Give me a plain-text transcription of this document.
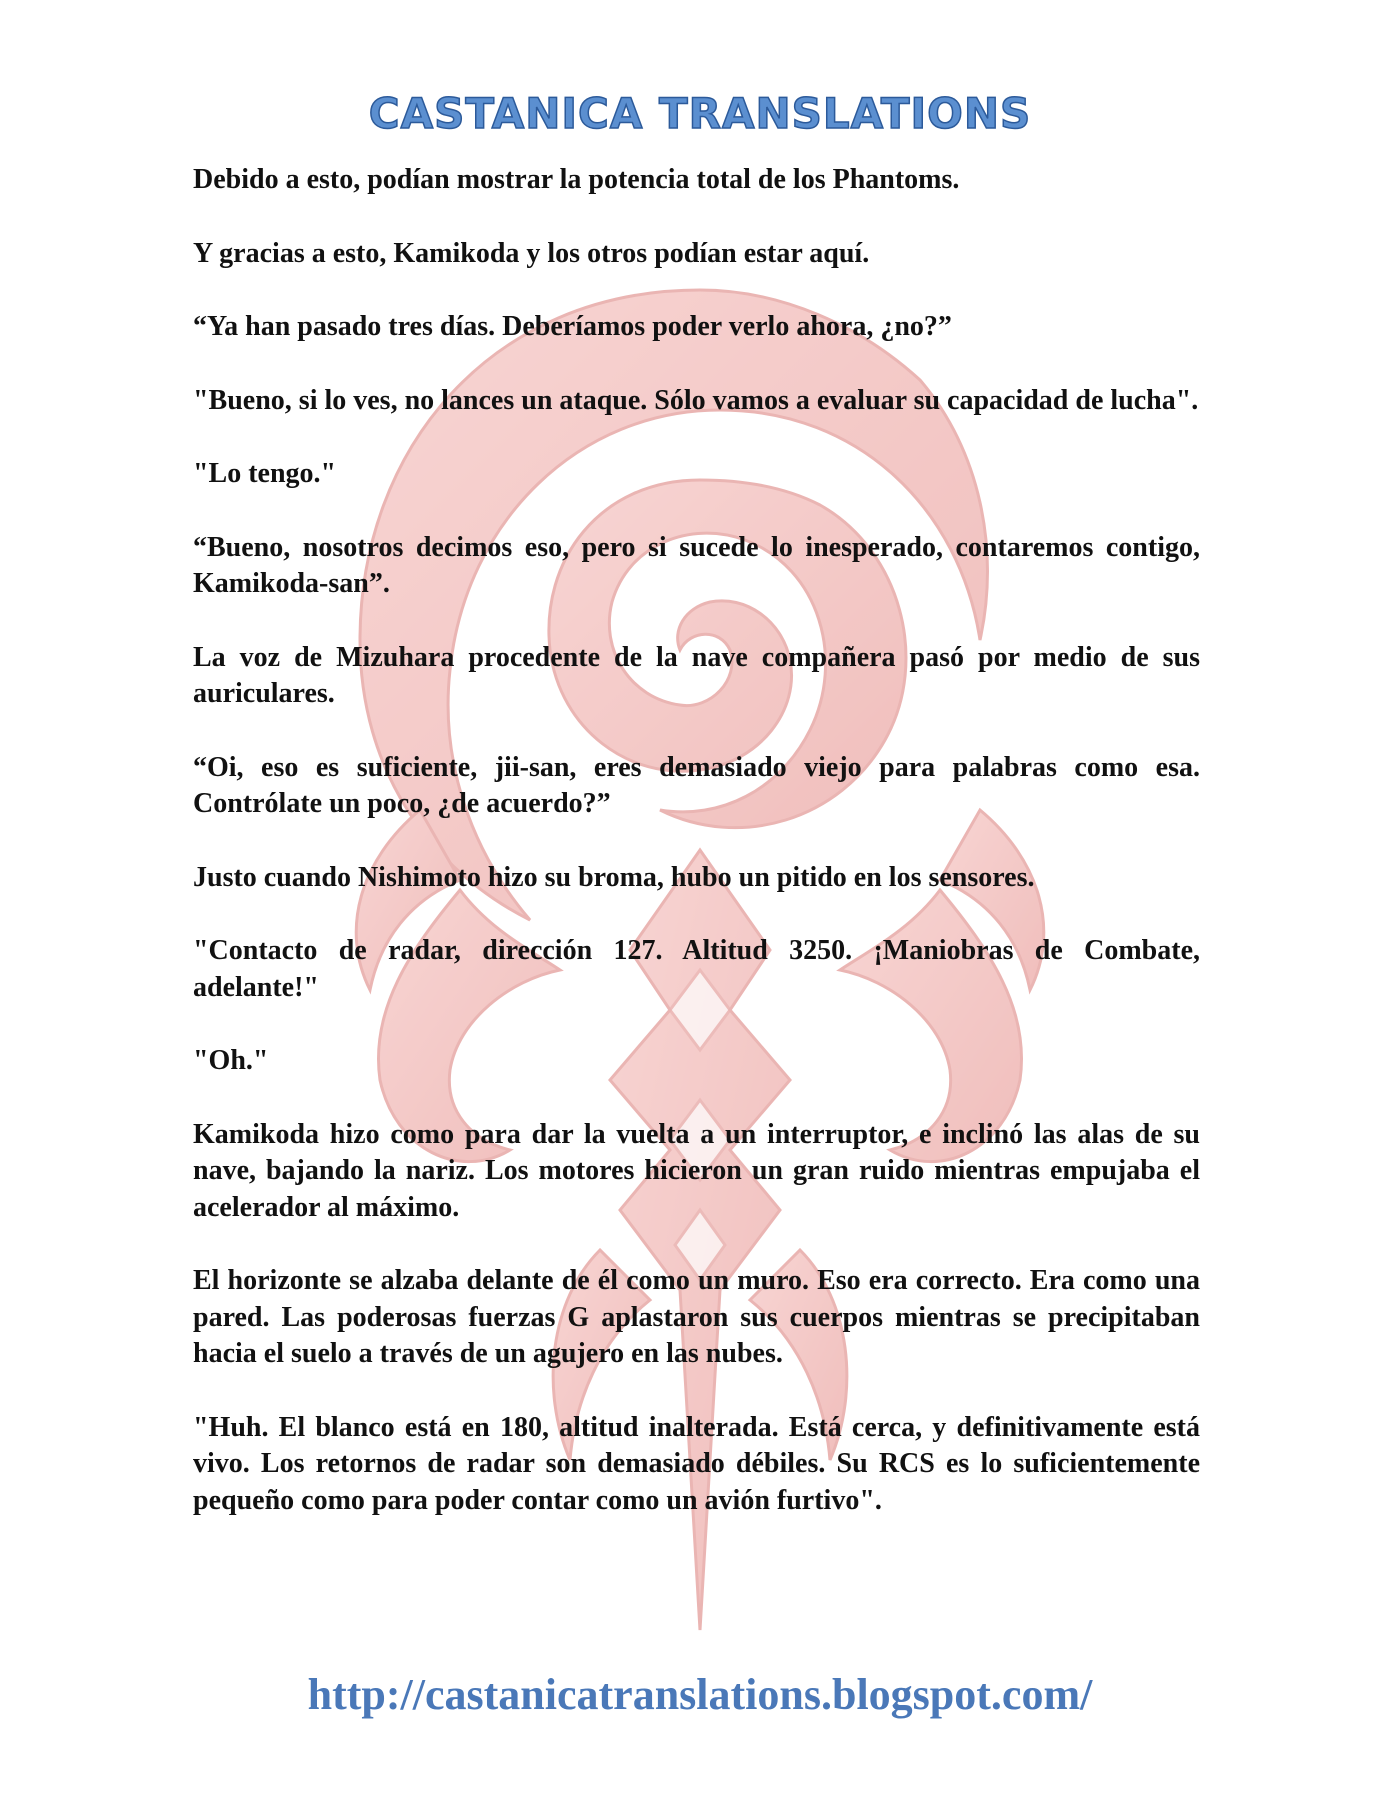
CASTANICA TRANSLATIONS

Debido a esto, podían mostrar la potencia total de los Phantoms.

Y gracias a esto, Kamikoda y los otros podían estar aquí.

“Ya han pasado tres días. Deberíamos poder verlo ahora, ¿no?”

"Bueno, si lo ves, no lances un ataque. Sólo vamos a evaluar su capacidad de lucha".

"Lo tengo."

“Bueno, nosotros decimos eso, pero si sucede lo inesperado, contaremos contigo, Kamikoda-san”.

La voz de Mizuhara procedente de la nave compañera pasó por medio de sus auriculares.

“Oi, eso es suficiente, jii-san, eres demasiado viejo para palabras como esa. Contrólate un poco, ¿de acuerdo?”

Justo cuando Nishimoto hizo su broma, hubo un pitido en los sensores.

"Contacto de radar, dirección 127. Altitud 3250. ¡Maniobras de Combate, adelante!"

"Oh."

Kamikoda hizo como para dar la vuelta a un interruptor, e inclinó las alas de su nave, bajando la nariz. Los motores hicieron un gran ruido mientras empujaba el acelerador al máximo.

El horizonte se alzaba delante de él como un muro. Eso era correcto. Era como una pared. Las poderosas fuerzas G aplastaron sus cuerpos mientras se precipitaban hacia el suelo a través de un agujero en las nubes.

"Huh. El blanco está en 180, altitud inalterada. Está cerca, y definitivamente está vivo. Los retornos de radar son demasiado débiles. Su RCS es lo suficientemente pequeño como para poder contar como un avión furtivo".

http://castanicatranslations.blogspot.com/
